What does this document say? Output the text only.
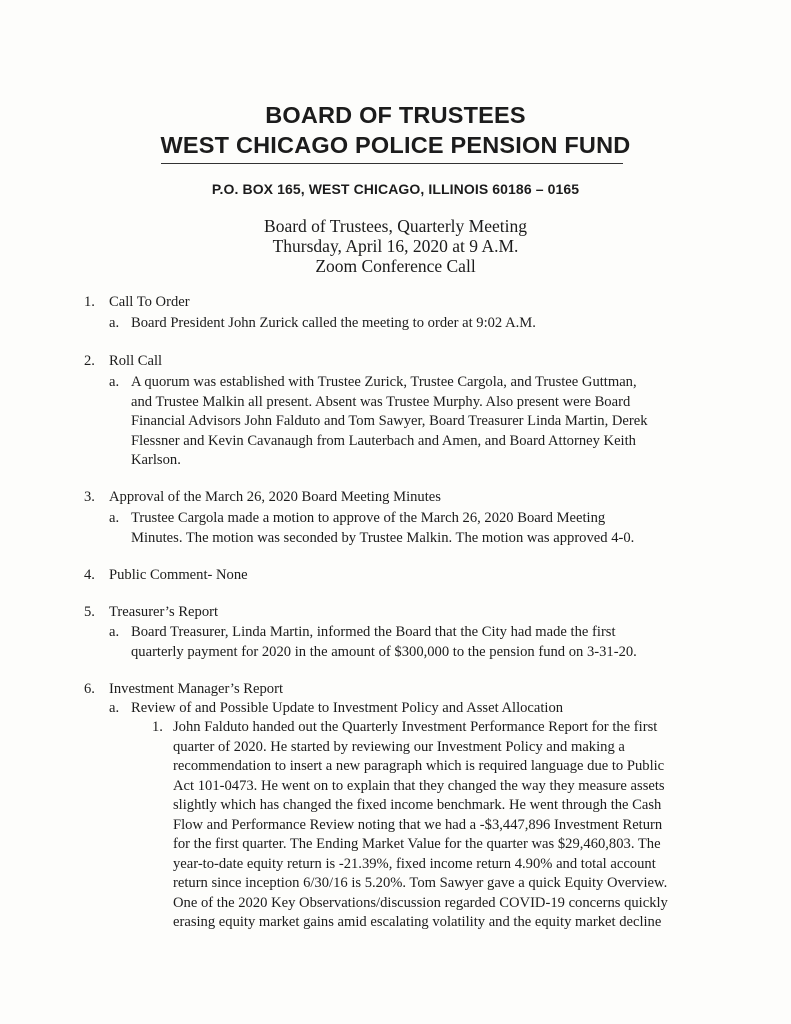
BOARD OF TRUSTEES
WEST CHICAGO POLICE PENSION FUND
P.O. BOX 165, WEST CHICAGO, ILLINOIS 60186 – 0165
Board of Trustees, Quarterly Meeting
Thursday, April 16, 2020 at 9 A.M.
Zoom Conference Call
1. Call To Order
a. Board President John Zurick called the meeting to order at 9:02 A.M.
2. Roll Call
a. A quorum was established with Trustee Zurick, Trustee Cargola, and Trustee Guttman,
and Trustee Malkin all present. Absent was Trustee Murphy. Also present were Board
Financial Advisors John Falduto and Tom Sawyer, Board Treasurer Linda Martin, Derek
Flessner and Kevin Cavanaugh from Lauterbach and Amen, and Board Attorney Keith
Karlson.
3. Approval of the March 26, 2020 Board Meeting Minutes
a. Trustee Cargola made a motion to approve of the March 26, 2020 Board Meeting
Minutes. The motion was seconded by Trustee Malkin. The motion was approved 4-0.
4. Public Comment- None
5. Treasurer’s Report
a. Board Treasurer, Linda Martin, informed the Board that the City had made the first
quarterly payment for 2020 in the amount of $300,000 to the pension fund on 3-31-20.
6. Investment Manager’s Report
a. Review of and Possible Update to Investment Policy and Asset Allocation
1. John Falduto handed out the Quarterly Investment Performance Report for the first
quarter of 2020. He started by reviewing our Investment Policy and making a
recommendation to insert a new paragraph which is required language due to Public
Act 101-0473. He went on to explain that they changed the way they measure assets
slightly which has changed the fixed income benchmark. He went through the Cash
Flow and Performance Review noting that we had a -$3,447,896 Investment Return
for the first quarter. The Ending Market Value for the quarter was $29,460,803. The
year-to-date equity return is -21.39%, fixed income return 4.90% and total account
return since inception 6/30/16 is 5.20%. Tom Sawyer gave a quick Equity Overview.
One of the 2020 Key Observations/discussion regarded COVID-19 concerns quickly
erasing equity market gains amid escalating volatility and the equity market decline
